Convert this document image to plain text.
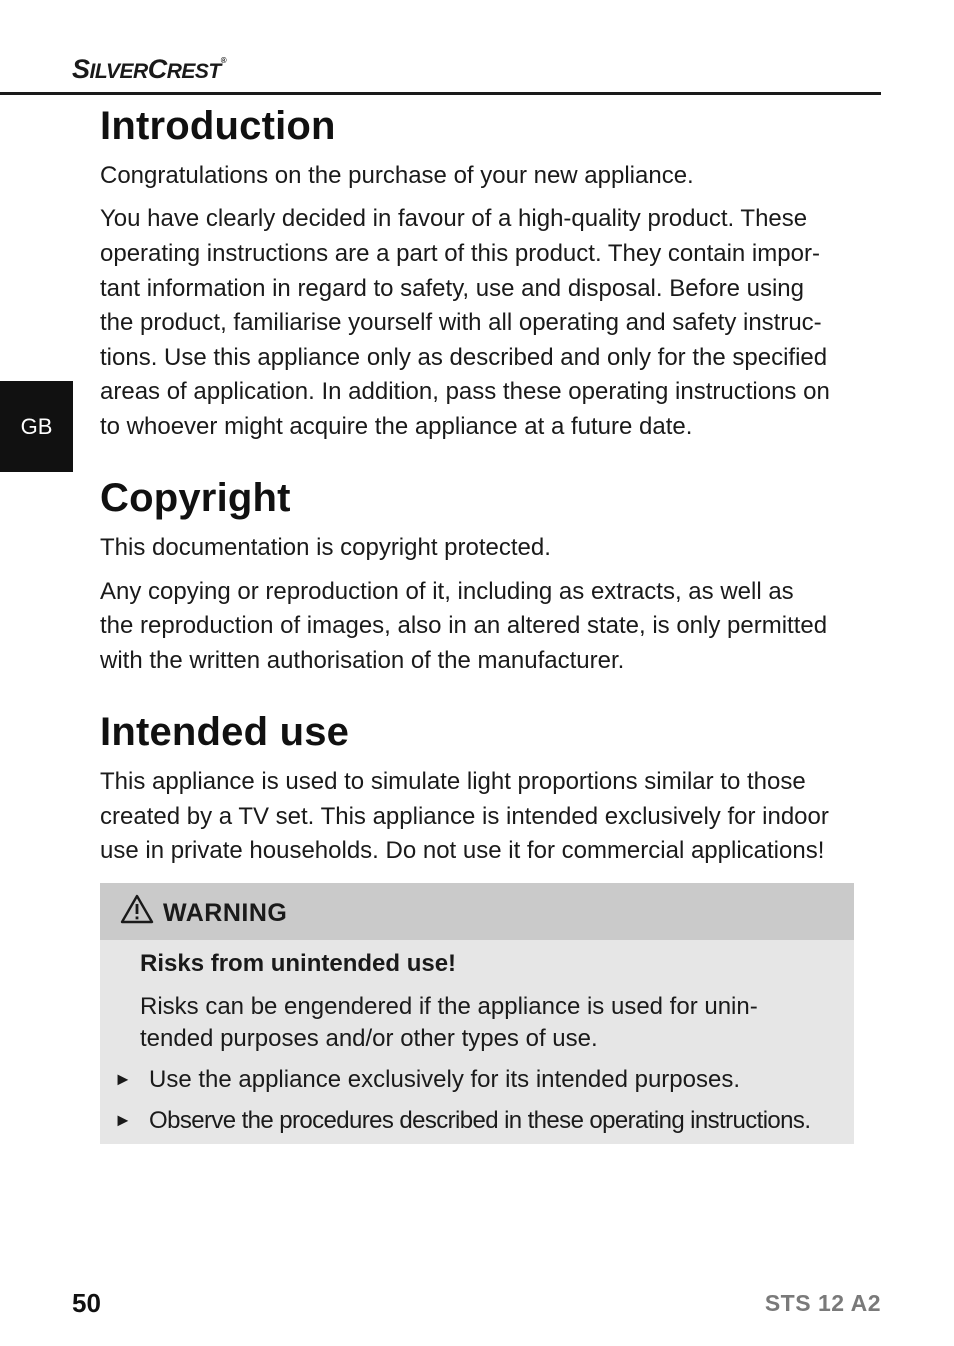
SILVERCREST®
GB
Introduction

Congratulations on the purchase of your new appliance.

You have clearly decided in favour of a high-quality product. These

operating instructions are a part of this product. They contain impor-

tant information in regard to safety, use and disposal. Before using

the product, familiarise yourself with all operating and safety instruc-

tions. Use this appliance only as described and only for the specified

areas of application. In addition, pass these operating instructions on

to whoever might acquire the appliance at a future date.

Copyright

This documentation is copyright protected.

Any copying or reproduction of it, including as extracts, as well as

the reproduction of images, also in an altered state, is only permitted

with the written authorisation of the manufacturer.

Intended use

This appliance is used to simulate light proportions similar to those

created by a TV set. This appliance is intended exclusively for indoor

use in private households. Do not use it for commercial applications!

WARNING
Risks from unintended use!

Risks can be engendered if the appliance is used for unin-

tended purposes and/or other types of use.

► Use the appliance exclusively for its intended purposes.
► Observe the procedures described in these operating instructions.
50	STS 12 A2
